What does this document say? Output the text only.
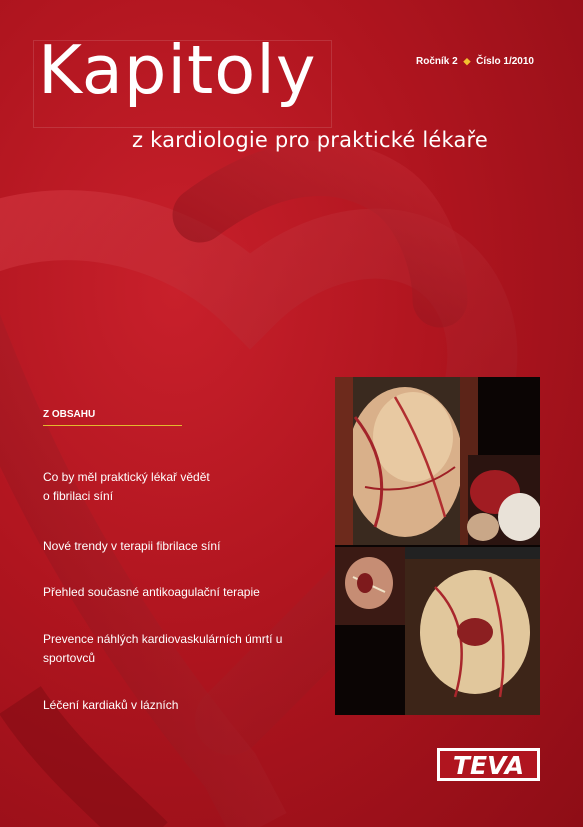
Kapitoly
z kardiologie pro praktické lékaře
Ročník 2 ◆ Číslo 1/2010
Z OBSAHU
Co by měl praktický lékař vědět o fibrilaci síní
Nové trendy v terapii fibrilace síní
Přehled současné antikoagulační terapie
Prevence náhlých kardiovaskulárních úmrtí u sportovců
Léčení kardiaků v lázních
TEVA
